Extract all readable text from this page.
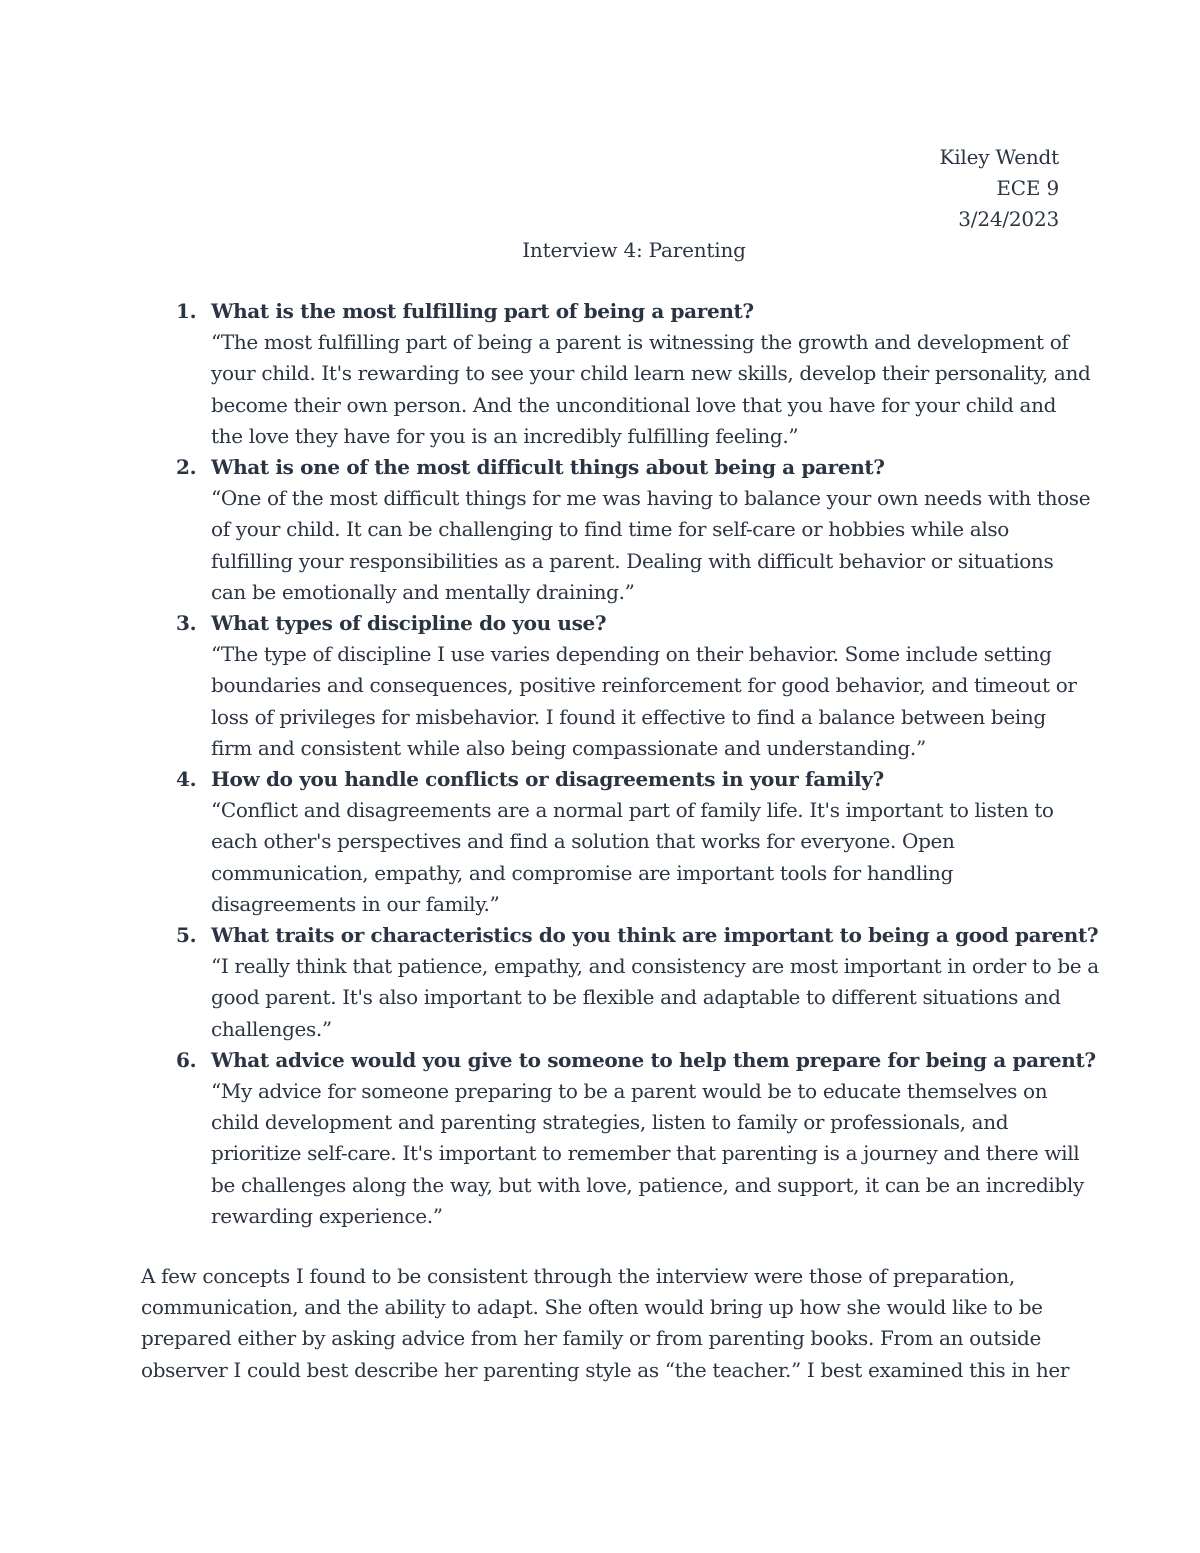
Kiley Wendt
ECE 9
3/24/2023
Interview 4: Parenting
1. What is the most fulfilling part of being a parent?
“The most fulfilling part of being a parent is witnessing the growth and development of
your child. It's rewarding to see your child learn new skills, develop their personality, and
become their own person. And the unconditional love that you have for your child and
the love they have for you is an incredibly fulfilling feeling.”
2. What is one of the most difficult things about being a parent?
“One of the most difficult things for me was having to balance your own needs with those
of your child. It can be challenging to find time for self-care or hobbies while also
fulfilling your responsibilities as a parent. Dealing with difficult behavior or situations
can be emotionally and mentally draining.”
3. What types of discipline do you use?
“The type of discipline I use varies depending on their behavior. Some include setting
boundaries and consequences, positive reinforcement for good behavior, and timeout or
loss of privileges for misbehavior. I found it effective to find a balance between being
firm and consistent while also being compassionate and understanding.”
4. How do you handle conflicts or disagreements in your family?
“Conflict and disagreements are a normal part of family life. It's important to listen to
each other's perspectives and find a solution that works for everyone. Open
communication, empathy, and compromise are important tools for handling
disagreements in our family.”
5. What traits or characteristics do you think are important to being a good parent?
“I really think that patience, empathy, and consistency are most important in order to be a
good parent. It's also important to be flexible and adaptable to different situations and
challenges.”
6. What advice would you give to someone to help them prepare for being a parent?
“My advice for someone preparing to be a parent would be to educate themselves on
child development and parenting strategies, listen to family or professionals, and
prioritize self-care. It's important to remember that parenting is a journey and there will
be challenges along the way, but with love, patience, and support, it can be an incredibly
rewarding experience.”
A few concepts I found to be consistent through the interview were those of preparation,
communication, and the ability to adapt. She often would bring up how she would like to be
prepared either by asking advice from her family or from parenting books. From an outside
observer I could best describe her parenting style as “the teacher.” I best examined this in her
